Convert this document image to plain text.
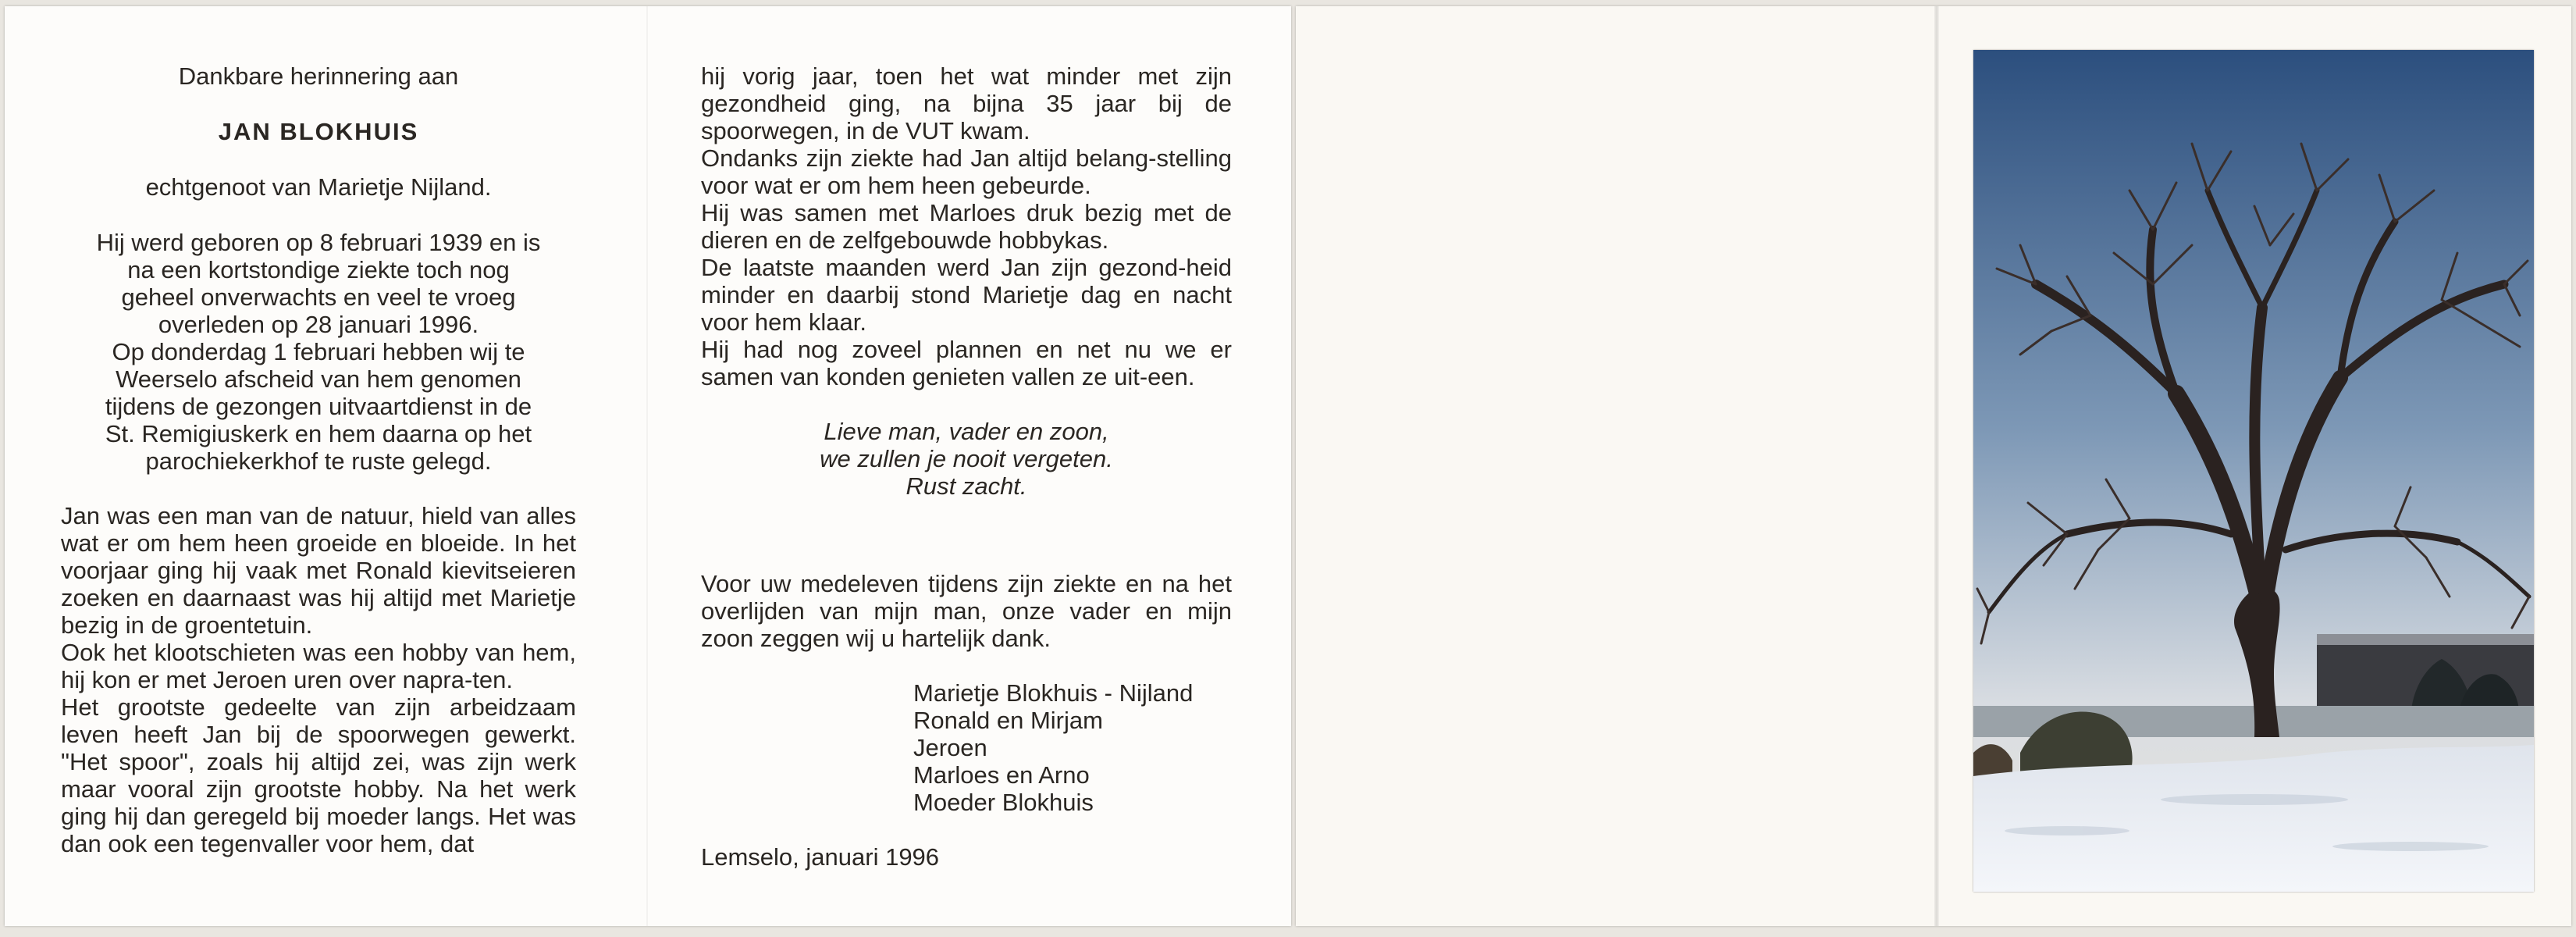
Dankbare herinnering aan

JAN BLOKHUIS

echtgenoot van Marietje Nijland.

Hij werd geboren op 8 februari 1939 en is
na een kortstondige ziekte toch nog
geheel onverwachts en veel te vroeg
overleden op 28 januari 1996.
Op donderdag 1 februari hebben wij te
Weerselo afscheid van hem genomen
tijdens de gezongen uitvaartdienst in de
St. Remigiuskerk en hem daarna op het
parochiekerkhof te ruste gelegd.

Jan was een man van de natuur, hield van alles wat er om hem heen groeide en bloeide. In het voorjaar ging hij vaak met Ronald kievitseieren zoeken en daarnaast was hij altijd met Marietje bezig in de groentetuin.

Ook het klootschieten was een hobby van hem, hij kon er met Jeroen uren over napra-ten.

Het grootste gedeelte van zijn arbeidzaam leven heeft Jan bij de spoorwegen gewerkt. "Het spoor", zoals hij altijd zei, was zijn werk maar vooral zijn grootste hobby. Na het werk ging hij dan geregeld bij moeder langs. Het was dan ook een tegenvaller voor hem, dat

hij vorig jaar, toen het wat minder met zijn gezondheid ging, na bijna 35 jaar bij de spoorwegen, in de VUT kwam.

Ondanks zijn ziekte had Jan altijd belang-stelling voor wat er om hem heen gebeurde.

Hij was samen met Marloes druk bezig met de dieren en de zelfgebouwde hobbykas.

De laatste maanden werd Jan zijn gezond-heid minder en daarbij stond Marietje dag en nacht voor hem klaar.

Hij had nog zoveel plannen en net nu we er samen van konden genieten vallen ze uit-een.

Lieve man, vader en zoon,
we zullen je nooit vergeten.
Rust zacht.

Voor uw medeleven tijdens zijn ziekte en na het overlijden van mijn man, onze vader en mijn zoon zeggen wij u hartelijk dank.

Marietje Blokhuis - Nijland
Ronald en Mirjam
Jeroen
Marloes en Arno
Moeder Blokhuis

Lemselo, januari 1996
